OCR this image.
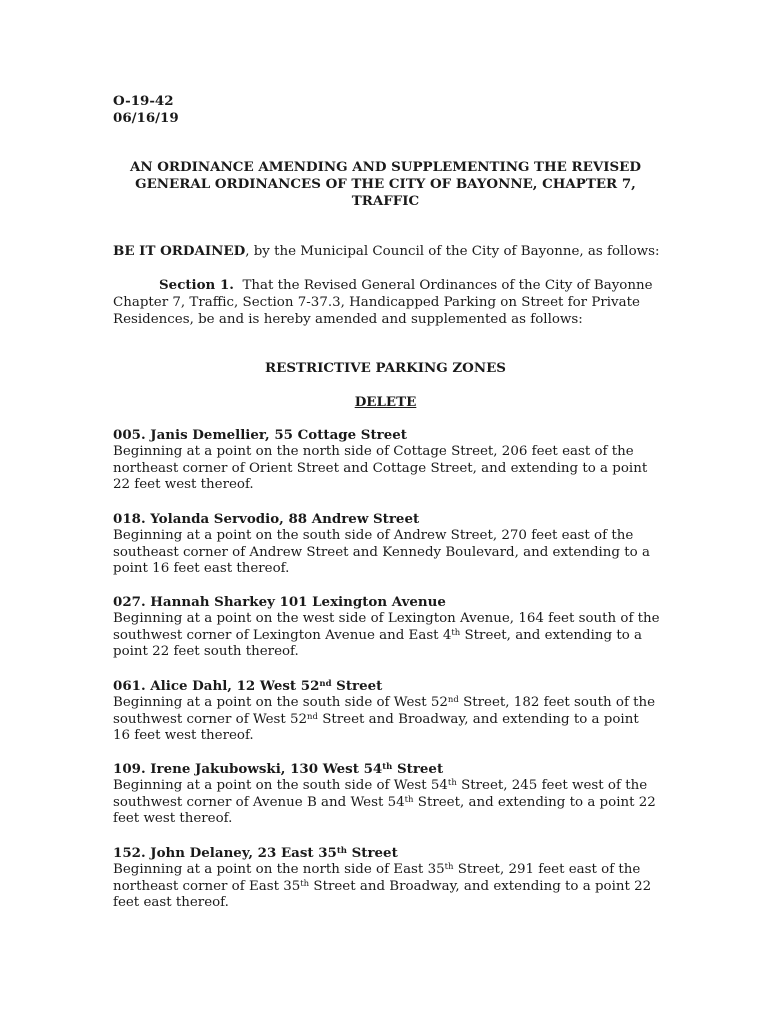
O-19-42
06/16/19
AN ORDINANCE AMENDING AND SUPPLEMENTING THE REVISED
GENERAL ORDINANCES OF THE CITY OF BAYONNE, CHAPTER 7,
TRAFFIC
BE IT ORDAINED, by the Municipal Council of the City of Bayonne, as follows:
Section 1. That the Revised General Ordinances of the City of Bayonne
Chapter 7, Traffic, Section 7-37.3, Handicapped Parking on Street for Private
Residences, be and is hereby amended and supplemented as follows:
RESTRICTIVE PARKING ZONES
DELETE
005. Janis Demellier, 55 Cottage Street
Beginning at a point on the north side of Cottage Street, 206 feet east of the
northeast corner of Orient Street and Cottage Street, and extending to a point
22 feet west thereof.
018. Yolanda Servodio, 88 Andrew Street
Beginning at a point on the south side of Andrew Street, 270 feet east of the
southeast corner of Andrew Street and Kennedy Boulevard, and extending to a
point 16 feet east thereof.
027. Hannah Sharkey 101 Lexington Avenue
Beginning at a point on the west side of Lexington Avenue, 164 feet south of the
southwest corner of Lexington Avenue and East 4th Street, and extending to a
point 22 feet south thereof.
061. Alice Dahl, 12 West 52nd Street
Beginning at a point on the south side of West 52nd Street, 182 feet south of the
southwest corner of West 52nd Street and Broadway, and extending to a point
16 feet west thereof.
109. Irene Jakubowski, 130 West 54th Street
Beginning at a point on the south side of West 54th Street, 245 feet west of the
southwest corner of Avenue B and West 54th Street, and extending to a point 22
feet west thereof.
152. John Delaney, 23 East 35th Street
Beginning at a point on the north side of East 35th Street, 291 feet east of the
northeast corner of East 35th Street and Broadway, and extending to a point 22
feet east thereof.
